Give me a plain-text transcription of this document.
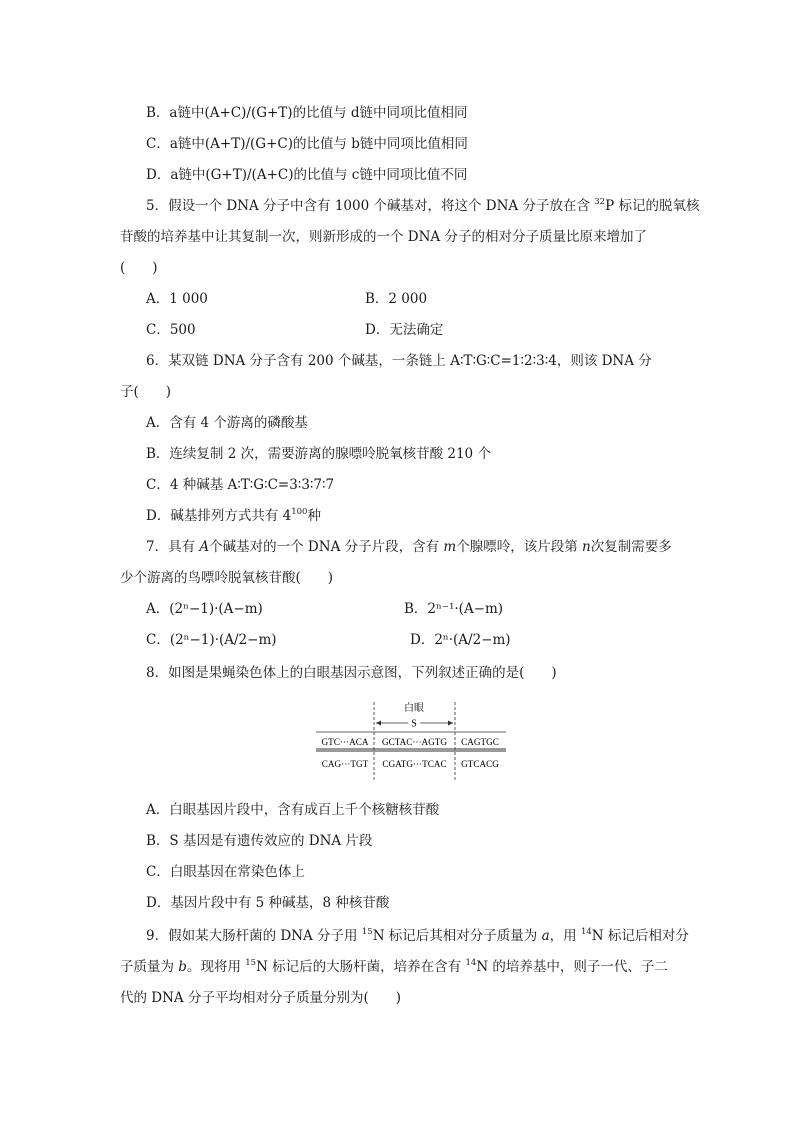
B．a链中(A+C)/(G+T)的比值与 d链中同项比值相同
C．a链中(A+T)/(G+C)的比值与 b链中同项比值相同
D．a链中(G+T)/(A+C)的比值与 c链中同项比值不同
5．假设一个 DNA 分子中含有 1000 个碱基对，将这个 DNA 分子放在含 $^{32}$P 标记的脱氧核
苷酸的培养基中让其复制一次，则新形成的一个 DNA 分子的相对分子质量比原来增加了
(　　)
A．1 000	B．2 000
C．500	D．无法确定
6．某双链 DNA 分子含有 200 个碱基，一条链上 A∶T∶G∶C=1∶2∶3∶4，则该 DNA 分
子(　　)
A．含有 4 个游离的磷酸基
B．连续复制 2 次，需要游离的腺嘌呤脱氧核苷酸 210 个
C．4 种碱基 A∶T∶G∶C=3∶3∶7∶7
D．碱基排列方式共有 $4^{100}$种
7．具有 A个碱基对的一个 DNA 分子片段，含有 m个腺嘌呤，该片段第 n次复制需要多
少个游离的鸟嘌呤脱氧核苷酸(　　)
A．(2ⁿ−1)·(A−m)	B．2ⁿ⁻¹·(A−m)
C．(2ⁿ−1)·(A/2−m)	D．2ⁿ·(A/2−m)
8．如图是果蝇染色体上的白眼基因示意图，下列叙述正确的是(　　)
白眼
S
GTC···ACA GCTAC···AGTG CAGTGC
CAG···TGT CGATG···TCAC GTCACG
A．白眼基因片段中，含有成百上千个核糖核苷酸
B．S 基因是有遗传效应的 DNA 片段
C．白眼基因在常染色体上
D．基因片段中有 5 种碱基，8 种核苷酸
9．假如某大肠杆菌的 DNA 分子用 $^{15}$N 标记后其相对分子质量为 a，用 $^{14}$N 标记后相对分
子质量为 b。现将用 $^{15}$N 标记后的大肠杆菌，培养在含有 $^{14}$N 的培养基中，则子一代、子二
代的 DNA 分子平均相对分子质量分别为(　　)
